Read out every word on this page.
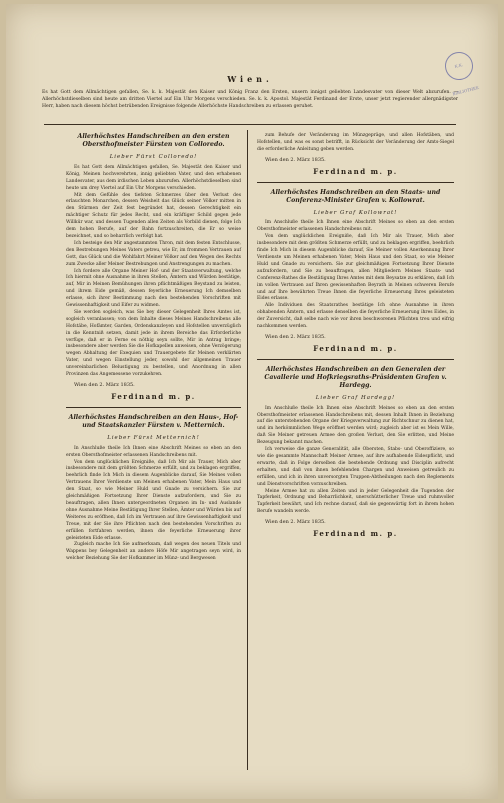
K.K. BIBLIOTHEK
Wien.
Es hat Gott dem Allmächtigen gefallen, Se. k. k. Majestät den Kaiser und König Franz den Ersten, unsern innigst geliebten Landesvater von dieser Welt abzurufen. — Allerhöchstdieselben sind heute am dritten Viertel auf Ein Uhr Morgens verschieden. Se. k. k. Apostol. Majestät Ferdinand der Erste, unser jetzt regierender allergnädigster Herr, haben nach diesem höchst betrübenden Ereignisse folgende Allerhöchste Handschreiben zu erlassen geruhet.
Allerhöchstes Handschreiben an den ersten Obersthofmeister Fürsten von Colloredo.
Lieber Fürst Colloredo!
Es hat Gott dem Allmächtigen gefallen, Se. Majestät den Kaiser und König, Meinen hochverehrten, innig geliebten Vater, und den erhabenen Landesvater, aus dem irdischen Leben abzurufen. Allerhöchstdieselben sind heute um drey Viertel auf Ein Uhr Morgens verschieden.
Mit dem Gefühle des tiefsten Schmerzes über den Verlust des erlauchten Monarchen, dessen Weisheit das Glück seiner Völker mitten in den Stürmen der Zeit fest begründet hat, dessen Gerechtigkeit ein mächtiger Schutz für jedes Recht, und ein kräftiger Schild gegen jede Willkür war, und dessen Tugenden allen Zeiten als Vorbild dienen, folge Ich dem hohen Berufe, auf der Bahn fortzuschreiten, die Er so weise bezeichnet, und so beharrlich verfolgt hat.
Ich besteige den Mir angestammten Thron, mit dem festen Entschlusse, den Bestrebungen Meines Vaters getreu, wie Er, im frommen Vertrauen auf Gott, das Glück und die Wohlfahrt Meiner Völker auf den Wegen des Rechts zum Zwecke aller Meiner Bestrebungen und Anstrengungen zu machen.
Ich fordere alle Organe Meiner Hof- und der Staatsverwaltung, welche Ich hiermit ohne Ausnahme in ihren Stellen, Ämtern und Würden bestätige, auf, Mir in Meinen Bemühungen ihren pflichtmäßigen Beystand zu leisten, und ihrem Eide gemäß, dessen feyerliche Erneuerung Ich demselben erlasse, sich ihrer Bestimmung nach den bestehenden Vorschriften mit Gewissenhaftigkeit und Eifer zu widmen.
Sie werden sogleich, was Sie bey dieser Gelegenheit Ihres Amtes ist, sogleich veranlassen; von dem Inhalte dieses Meines Handschreibens alle Hofstäbe, Hofämter, Garden, Ordenskanzleyen und Hofstellen unverzüglich in die Kenntniß setzen, damit jede in ihrem Bereiche das Erforderliche verfüge, daß er in Ferne es nöthig seyn sollte, Mir in Antrag bringe; insbesondere aber werden Sie die Hofkapellen anweisen, ohne Verzögerung wegen Abhaltung der Exequien und Trauergebete für Meinen verklärten Vater, und wegen Einstellung jeder, sowohl der allgemeinen Trauer unvereinbarlichen Belustigung zu bestellen, und Anordnung in allen Provinzen das Angemessene vorzukehren.
Wien den 2. März 1835.
Ferdinand m. p.
Allerhöchstes Handschreiben an den Haus-, Hof- und Staatskanzler Fürsten v. Metternich.
Lieber Fürst Metternich!
In Anschluße theile Ich Ihnen eine Abschrift Meines so eben an den ersten Obersthofmeister erlassenen Handschreibens mit.
Von dem unglücklichen Ereigniße, daß Ich Mir als Trauer, Mich aber insbesondere mit dem größten Schmerze erfüllt, und zu beklagen ergriffen, beehrlich finde Ich Mich in diesem Augenblicke darauf, Sie Meines vollen Vertrauens Ihrer Verdienste um Meinen erhabenen Vater, Mein Haus und den Staat, so wie Meiner Huld und Gnade zu versichern. Sie zur gleichmäßigen Fortsetzung Ihrer Dienste aufzufordern, und Sie zu beauftragen, allen Ihnen untergeordneten Organen im In- und Auslande ohne Ausnahme Meine Bestätigung Ihrer Stellen, Ämter und Würden bis auf Weiteres zu eröffnen, daß Ich im Vertrauen auf ihre Gewissenhaftigkeit und Treue, mit der Sie ihre Pflichten nach den bestehenden Vorschriften zu erfüllen fortfahren werden, ihnen die feyerliche Erneuerung ihrer geleisteten Eide erlasse.
Zugleich mache Ich Sie aufmerksam, daß wegen des neuen Titels und Wappens bey Gelegenheit an andere Höfe Mir angetragen seyn wird, in welcher Beziehung Sie der Hofkammer im Münz- und Bergwesen
zum Behufe der Veränderung im Münzgepräge, und allen Hofstäben, und Hofstellen, und was es sonst betrifft, in Rücksicht der Veränderung der Amts-Siegel die erforderliche Anleitung geben werden.
Wien den 2. März 1835.
Ferdinand m. p.
Allerhöchstes Handschreiben an den Staats- und Conferenz-Minister Grafen v. Kollowrat.
Lieber Graf Kollowrat!
Im Anschluße theile Ich Ihnen eine Abschrift Meines so eben an den ersten Obersthofmeister erlassenen Handschreibens mit.
Von dem unglücklichen Ereigniße, daß Ich Mir als Trauer, Mich aber insbesondere mit dem größten Schmerze erfüllt, und zu beklagen ergriffen, beehrlich finde Ich Mich in diesem Augenblicke darauf, Sie Meiner vollen Anerkennung Ihrer Verdienste um Meinen erhabenen Vater, Mein Haus und den Staat, so wie Meiner Huld und Gnade zu versichern. Sie zur gleichmäßigen Fortsetzung Ihrer Dienste aufzufordern, und Sie zu beauftragen, allen Mitgliedern Meines Staats- und Conferenz-Rathes die Bestätigung Ihres Amtes mit dem Beysatze zu erklären, daß Ich im vollen Vertrauen auf Ihren gewissenhaften Beyrath in Meinen schweren Berufe und auf Ihre bewährten Treue Ihnen die feyerliche Erneuerung Ihres geleisteten Eides erlasse.
Alle Individuen des Staatsrathes bestätige Ich ohne Ausnahme in ihren obhabenden Ämtern, und erlasse denselben die feyerliche Erneuerung ihres Eides, in der Zuversicht, daß selbe nach wie vor ihren beschworenen Pflichten treu und eifrig nachkommen werden.
Wien den 2. März 1835.
Ferdinand m. p.
Allerhöchstes Handschreiben an den Generalen der Cavallerie und Hofkriegsraths-Präsidenten Grafen v. Hardegg.
Lieber Graf Hardegg!
Im Anschluße theile Ich Ihnen eine Abschrift Meines so eben an den ersten Obersthofmeister erlassenen Handschreibens mit, dessen Inhalt Ihnen in Beziehung auf die unterstehenden Organe der Kriegsverwaltung zur Richtschnur zu dienen hat, und im herkömmlichen Wege eröffnet werden wird; zugleich aber ist es Mein Wille, daß Sie Meiner getreuen Armee den großen Verlust, den Sie erlitten, und Meine Bezeugung bekannt machen.
Ich verweise die ganze Generalität, alle Obersten, Stabs- und Oberoffiziere, so wie die gesammte Mannschaft Meiner Armee, auf ihre aufhabende Eidespflicht, und erwarte, daß in Folge derselben die bestehende Ordnung und Disciplin aufrecht erhalten, und daß von ihnen befehlenden Chargen und Anweisen getreulich zu erfüllen, und ich in ihren unversorgten Truppen-Abtheilungen nach den Reglements und Dienstvorschriften vorzuschreiben.
Meine Armee hat zu allen Zeiten und in jeder Gelegenheit die Tugenden der Tapferkeit, Ordnung und Beharrlichkeit, unerschütterlicher Treue und ruhmvoller Tapferkeit bewährt, und Ich rechne darauf, daß sie gegenwärtig fort in ihrem hohen Berufe wandeln werde.
Wien den 2. März 1835.
Ferdinand m. p.
